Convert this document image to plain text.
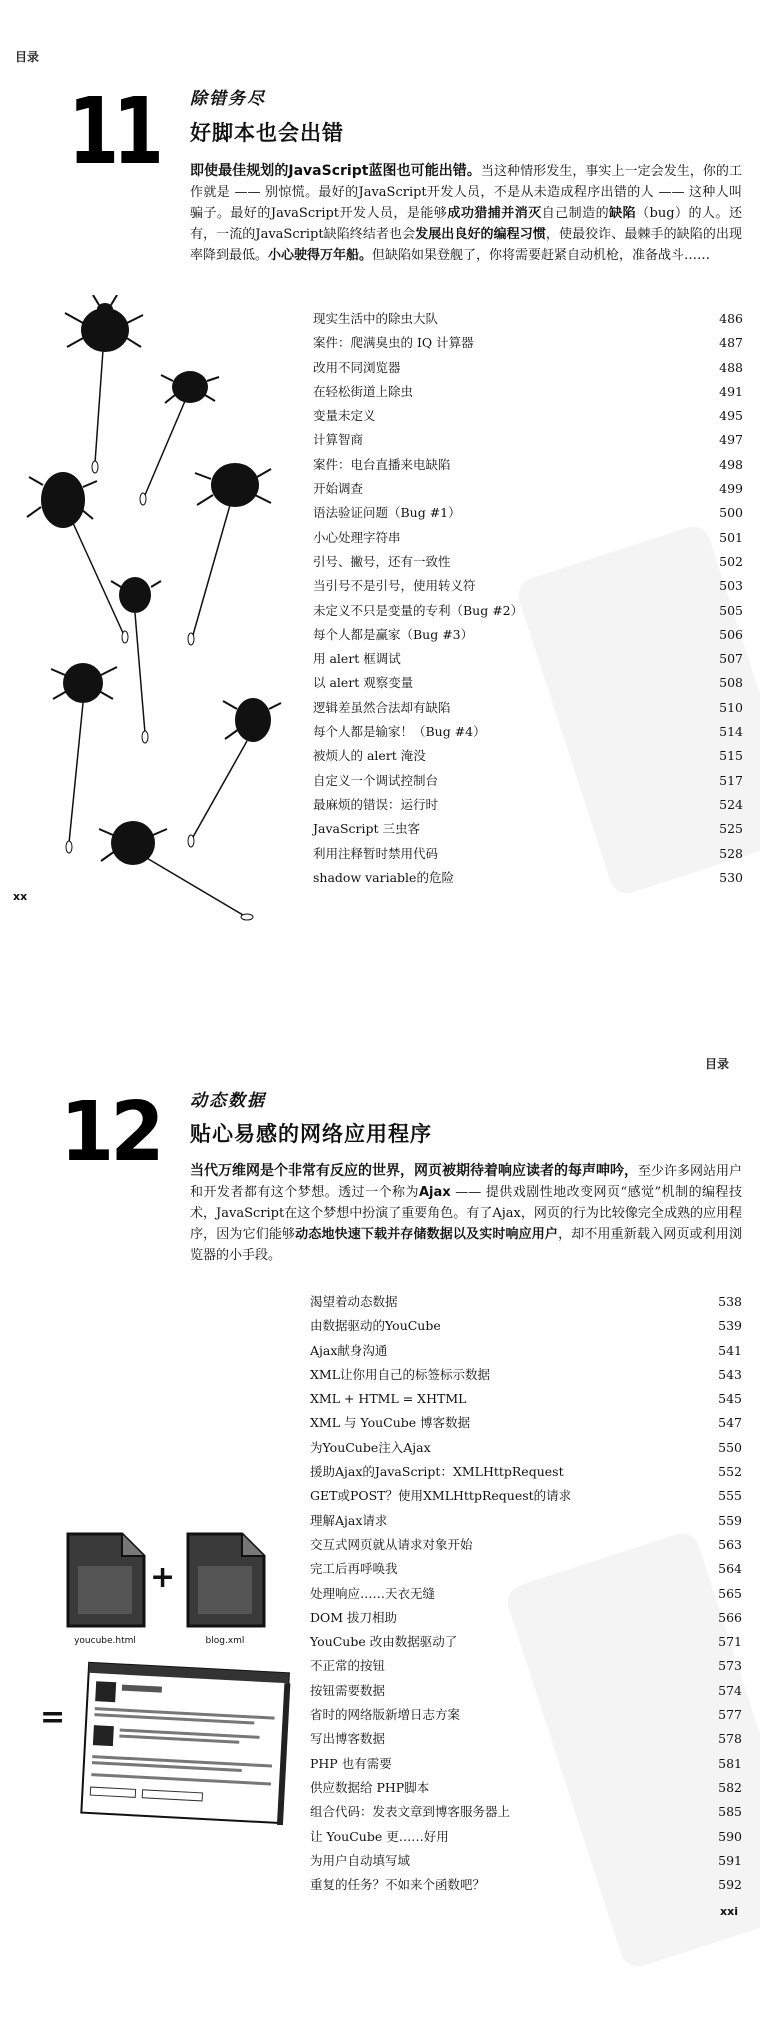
目录
11 除错务尽
好脚本也会出错
即使最佳规划的JavaScript蓝图也可能出错。当这种情形发生，事实上一定会发生，你的工作就是 —— 别惊慌。最好的JavaScript开发人员，不是从未造成程序出错的人 —— 这种人叫骗子。最好的JavaScript开发人员，是能够成功猎捕并消灭自己制造的缺陷（bug）的人。还有，一流的JavaScript缺陷终结者也会发展出良好的编程习惯，使最狡诈、最棘手的缺陷的出现率降到最低。小心驶得万年船。但缺陷如果登舰了，你将需要赶紧自动机枪，准备战斗……
现实生活中的除虫大队	486
案件：爬满臭虫的 IQ 计算器	487
改用不同浏览器	488
在轻松街道上除虫	491
变量未定义	495
计算智商	497
案件：电台直播来电缺陷	498
开始调查	499
语法验证问题（Bug #1）	500
小心处理字符串	501
引号、撇号，还有一致性	502
当引号不是引号，使用转义符	503
未定义不只是变量的专利（Bug #2）	505
每个人都是赢家（Bug #3）	506
用 alert 框调试	507
以 alert 观察变量	508
逻辑差虽然合法却有缺陷	510
每个人都是输家！（Bug #4）	514
被烦人的 alert 淹没	515
自定义一个调试控制台	517
最麻烦的错误：运行时	524
JavaScript 三虫客	525
利用注释暂时禁用代码	528
shadow variable的危险	530
xx
目录
12 动态数据
贴心易感的网络应用程序
当代万维网是个非常有反应的世界，网页被期待着响应读者的每声呻吟，至少许多网站用户和开发者都有这个梦想。透过一个称为Ajax —— 提供戏剧性地改变网页“感觉”机制的编程技术，JavaScript在这个梦想中扮演了重要角色。有了Ajax，网页的行为比较像完全成熟的应用程序，因为它们能够动态地快速下载并存储数据以及实时响应用户，却不用重新载入网页或利用浏览器的小手段。
渴望着动态数据	538
由数据驱动的YouCube	539
Ajax献身沟通	541
XML让你用自己的标签标示数据	543
XML + HTML = XHTML	545
XML 与 YouCube 博客数据	547
为YouCube注入Ajax	550
援助Ajax的JavaScript：XMLHttpRequest	552
GET或POST？使用XMLHttpRequest的请求	555
理解Ajax请求	559
交互式网页就从请求对象开始	563
完工后再呼唤我	564
处理响应……天衣无缝	565
DOM 拔刀相助	566
YouCube 改由数据驱动了	571
不正常的按钮	573
按钮需要数据	574
省时的网络版新增日志方案	577
写出博客数据	578
PHP 也有需要	581
供应数据给 PHP脚本	582
组合代码：发表文章到博客服务器上	585
让 YouCube 更……好用	590
为用户自动填写域	591
重复的任务？不如来个函数吧？	592
youcube.html
+
blog.xml
=
xxi
